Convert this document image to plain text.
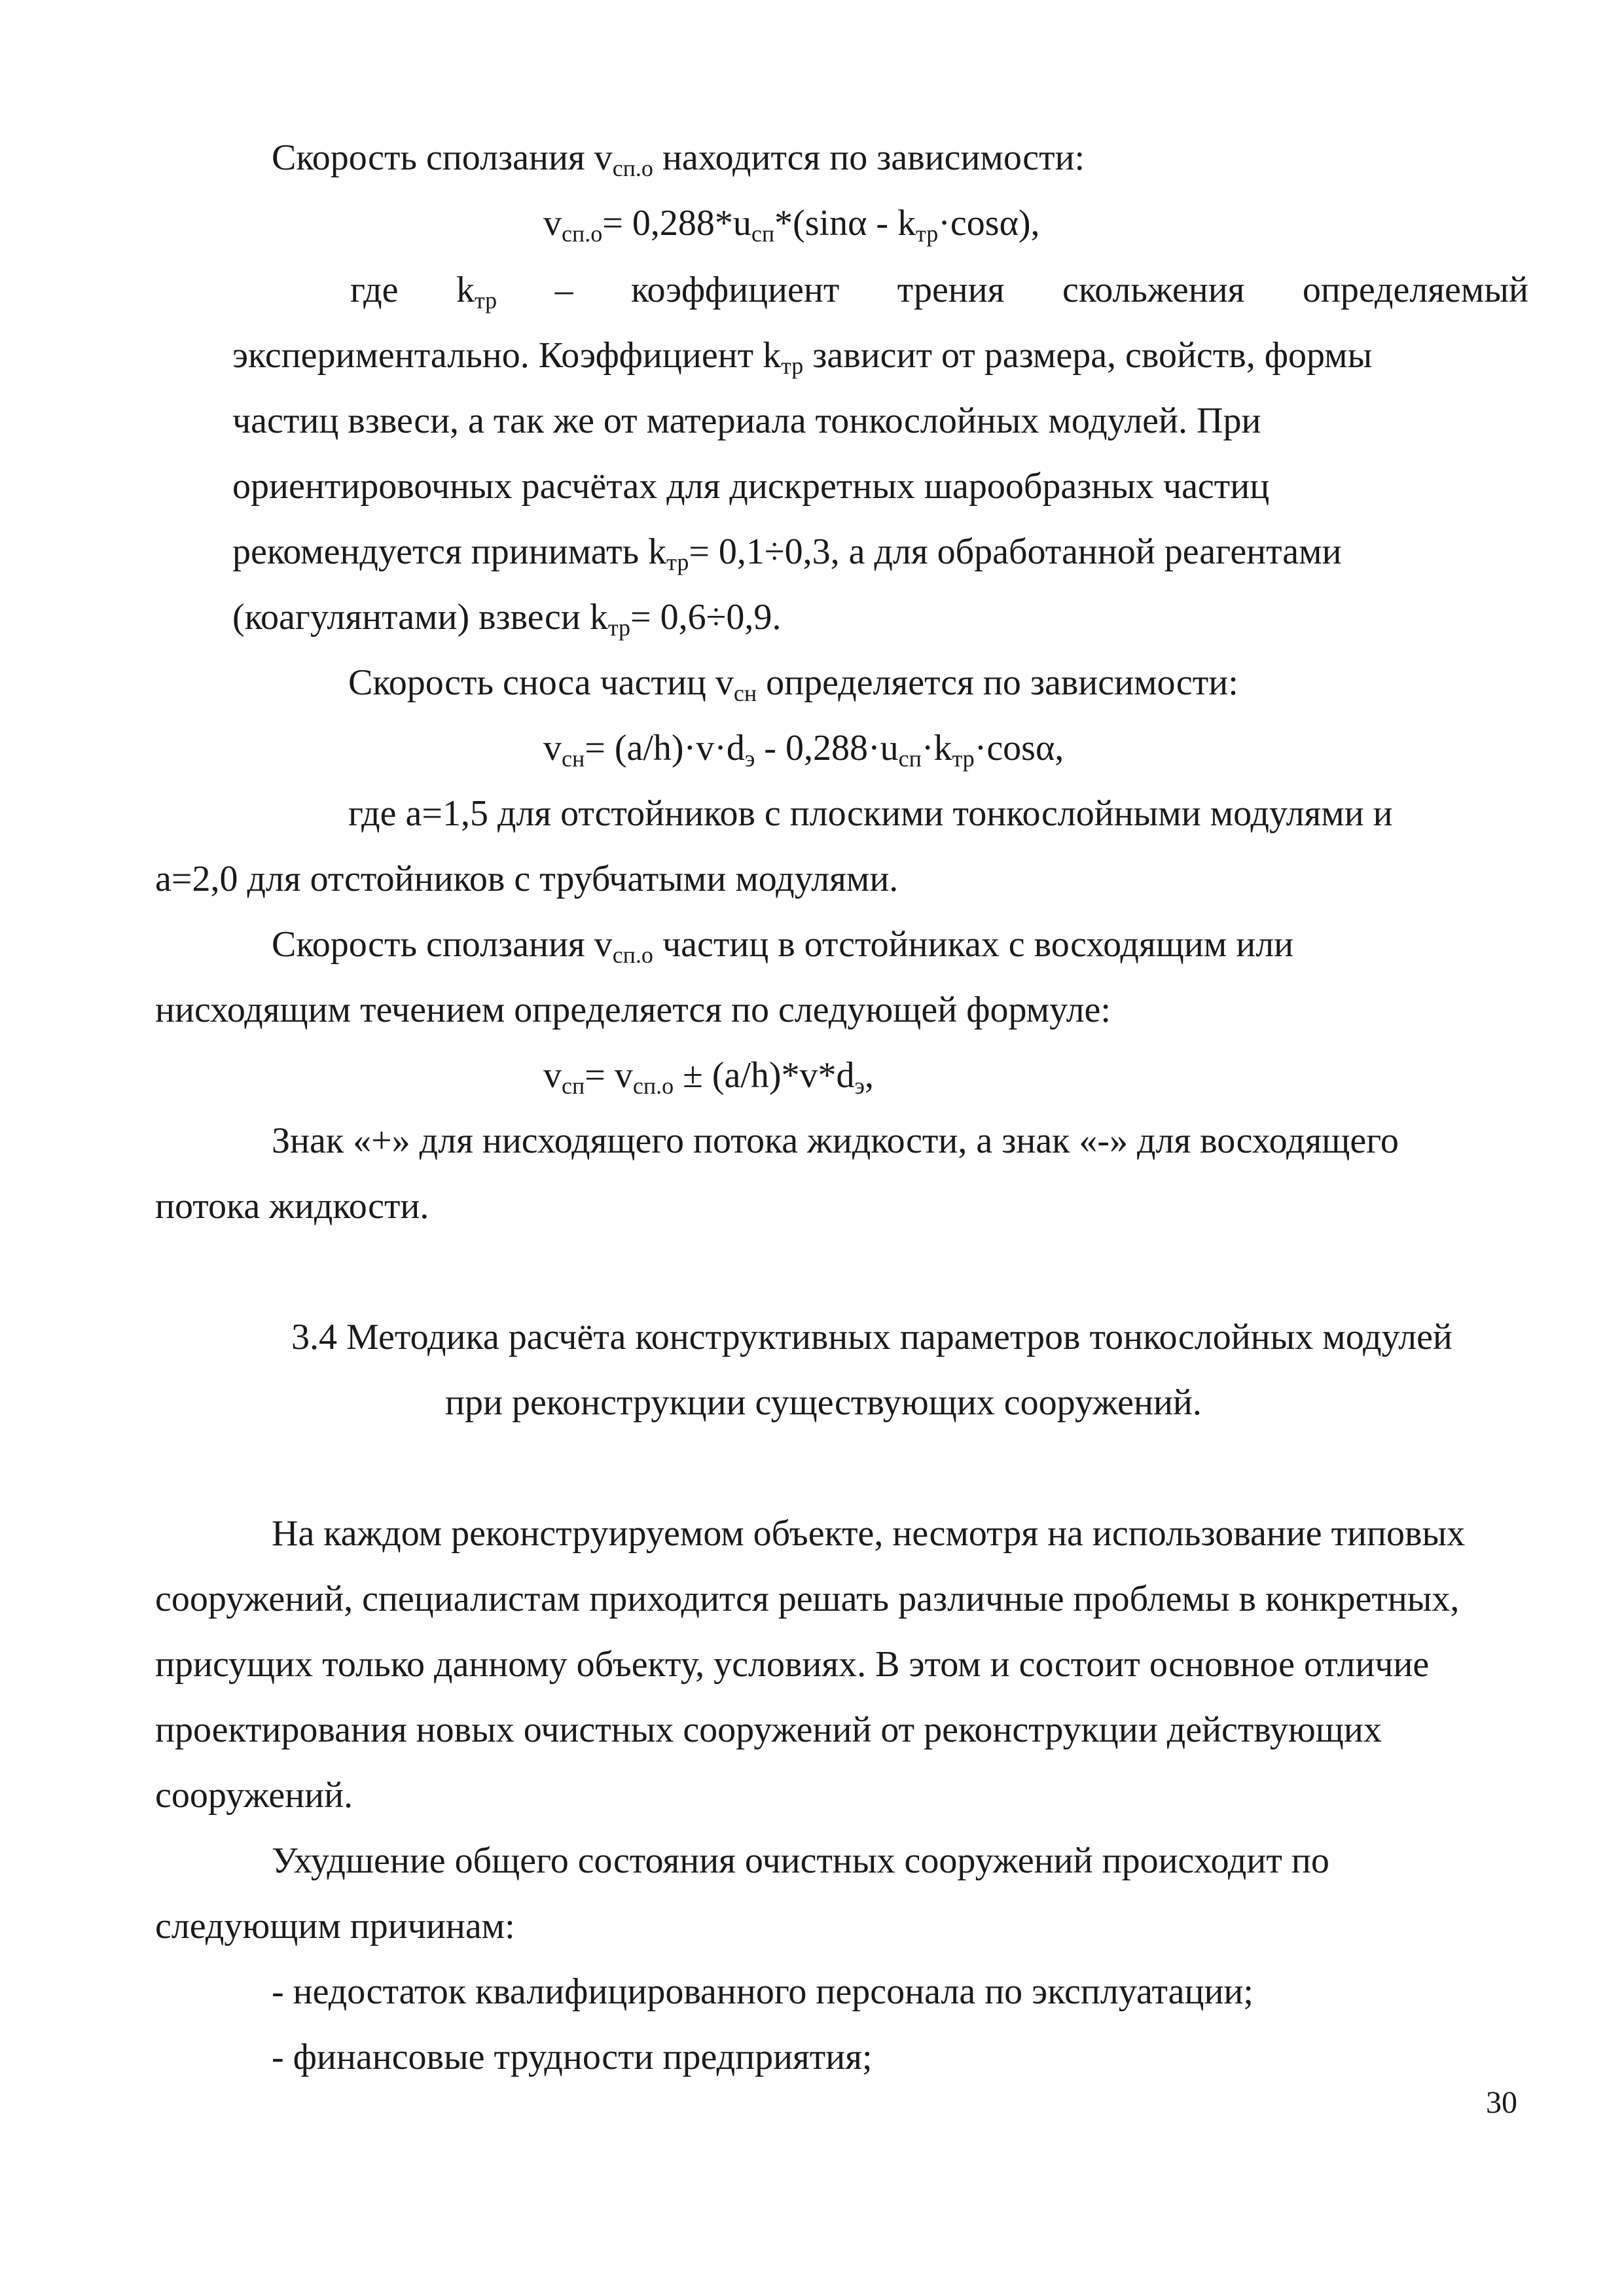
Скорость сползания $v_{сп.о}$ находится по зависимости:
$v_{сп.о}= 0,288*u_{сп}*(\sin\alpha - k_{тр}\cdot\cos\alpha)$,
где $k_{тр}$ – коэффициент трения скольжения определяемый
экспериментально. Коэффициент $k_{тр}$ зависит от размера, свойств, формы
частиц взвеси, а так же от материала тонкослойных модулей. При
ориентировочных расчётах для дискретных шарообразных частиц
рекомендуется принимать $k_{тр}= 0,1\div 0,3$, а для обработанной реагентами
(коагулянтами) взвеси $k_{тр}= 0,6\div 0,9$.
Скорость сноса частиц $v_{сн}$ определяется по зависимости:
$v_{сн}= (a/h)\cdot v\cdot d_э - 0,288\cdot u_{сп}\cdot k_{тр}\cdot\cos\alpha$,
где а=1,5 для отстойников с плоскими тонкослойными модулями и
а=2,0 для отстойников с трубчатыми модулями.
Скорость сползания $v_{сп.о}$ частиц в отстойниках с восходящим или
нисходящим течением определяется по следующей формуле:
$v_{сп}= v_{сп.о} \pm (a/h)*v*d_э$,
Знак «+» для нисходящего потока жидкости, а знак «-» для восходящего
потока жидкости.
3.4 Методика расчёта конструктивных параметров тонкослойных модулей
при реконструкции существующих сооружений.
На каждом реконструируемом объекте, несмотря на использование типовых
сооружений, специалистам приходится решать различные проблемы в конкретных,
присущих только данному объекту, условиях. В этом и состоит основное отличие
проектирования новых очистных сооружений от реконструкции действующих
сооружений.
Ухудшение общего состояния очистных сооружений происходит по
следующим причинам:
- недостаток квалифицированного персонала по эксплуатации;
- финансовые трудности предприятия;
30
